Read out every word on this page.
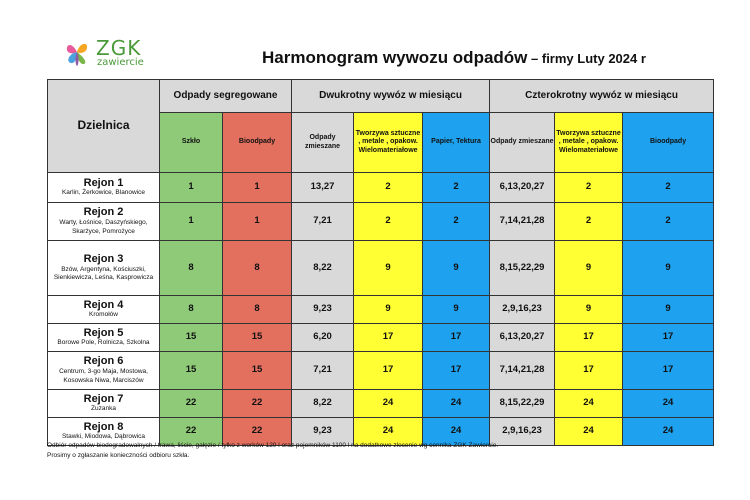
ZGK
zawiercie	Harmonogram wywozu odpadów – firmy Luty 2024 r
Dzielnica	Odpady segregowane		Dwukrotny wywóz w miesiącu			Czterokrotny wywóz w miesiącu		
	Szkło	Bioodpady	Odpady zmieszane	Tworzywa sztuczne , metale , opakow. Wielomateriałowe	Papier, Tektura	Odpady zmieszane	Tworzywa sztuczne , metale , opakow. Wielomateriałowe	Bioodpady

Rejon 1
Karlin, Żerkowice, Blanowice	1	1	13,27	2	2	6,13,20,27	2	2

Rejon 2
Warty, Łośnice, Daszyńskiego, Skarżyce, Pomrożyce	1	1	7,21	2	2	7,14,21,28	2	2

Rejon 3
Bzów, Argentyna, Kościuszki, Sienkiewicza, Leśna, Kasprowicza	8	8	8,22	9	9	8,15,22,29	9	9

Rejon 4
Kromołów	8	8	9,23	9	9	2,9,16,23	9	9

Rejon 5
Borowe Pole, Rolnicza, Szkolna	15	15	6,20	17	17	6,13,20,27	17	17

Rejon 6
Centrum, 3-go Maja, Mostowa, Kosowska Niwa, Marciszów	15	15	7,21	17	17	7,14,21,28	17	17

Rejon 7
Zuzanka	22	22	8,22	24	24	8,15,22,29	24	24

Rejon 8
Stawki, Miodowa, Dąbrowica	22	22	9,23	24	24	2,9,16,23	24	24
Odbiór odpadów biodegradowalnych / trawa, liście, gałęzie / tylko z worków 120 l oraz pojemników 1100 l na dodatkowe zlecenie wg cennika ZGK Zawiercie.
Prosimy o zgłaszanie konieczności odbioru szkła.
